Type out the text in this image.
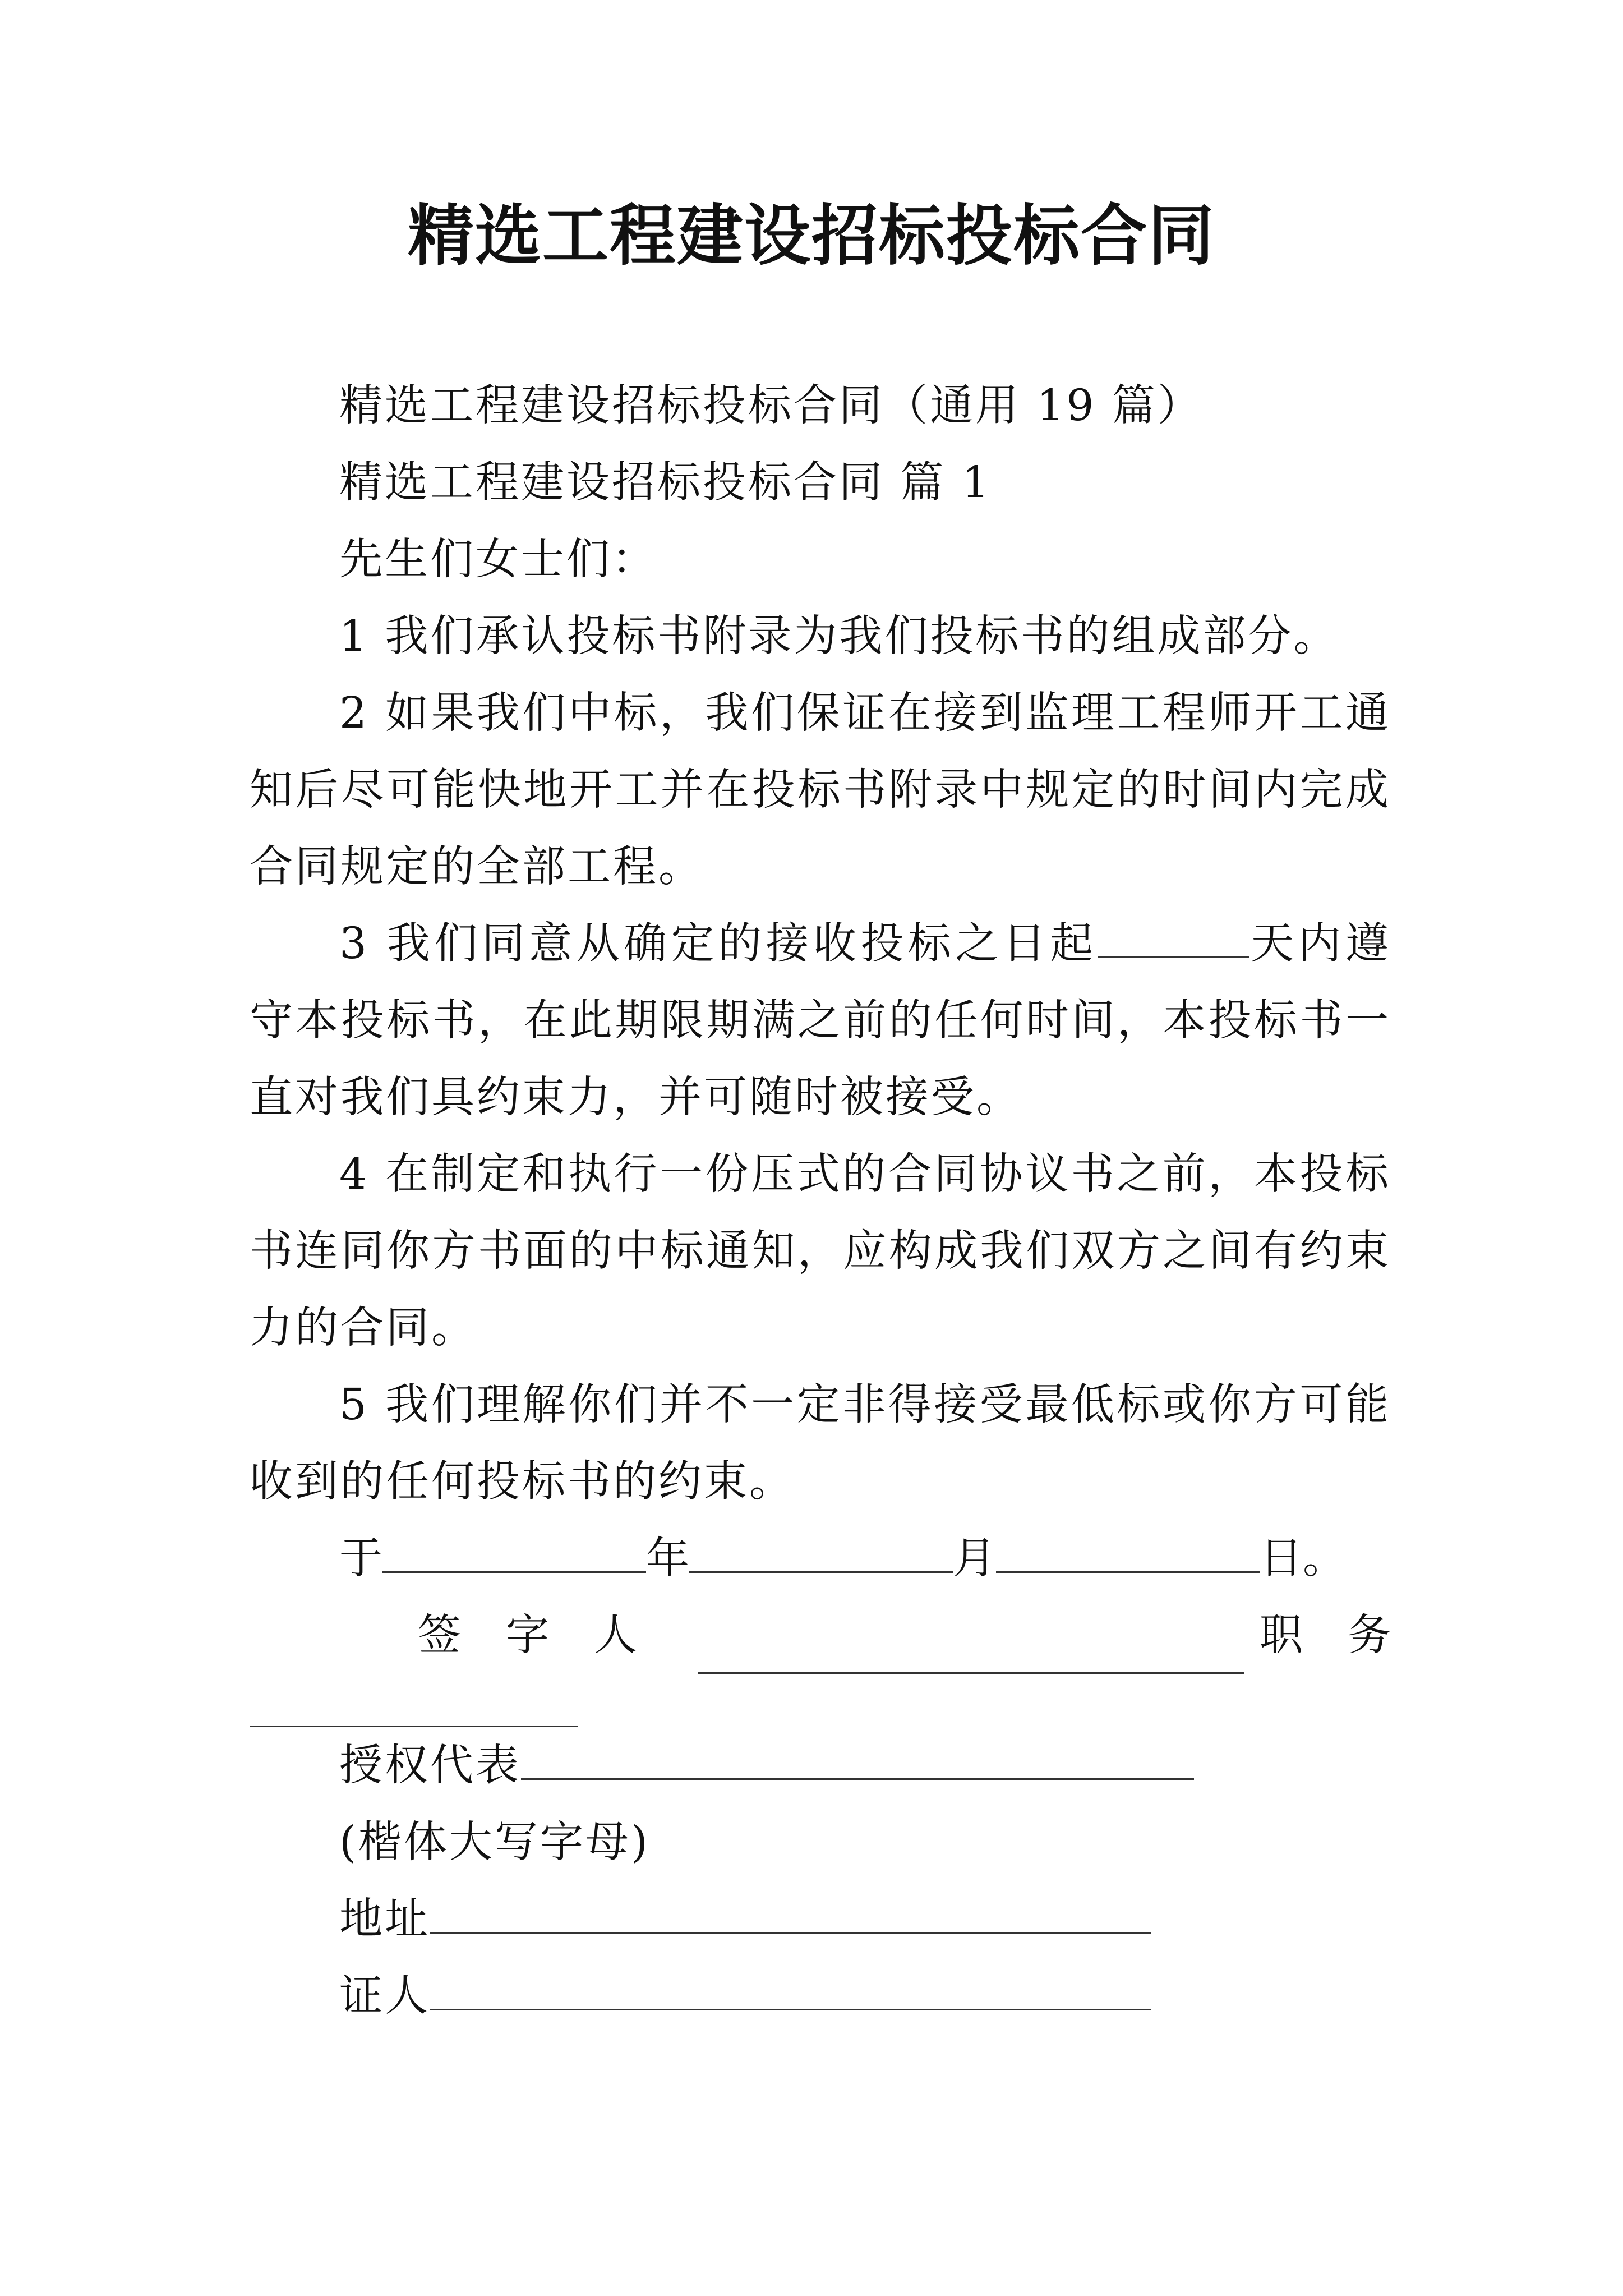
精选工程建设招标投标合同

精选工程建设招标投标合同（通用 19 篇）

精选工程建设招标投标合同 篇 1

先生们女士们：

1 我们承认投标书附录为我们投标书的组成部分。

2 如果我们中标，我们保证在接到监理工程师开工通知后尽可能快地开工并在投标书附录中规定的时间内完成合同规定的全部工程。

3 我们同意从确定的接收投标之日起	天内遵守本投标书，在此期限期满之前的任何时间，本投标书一直对我们具约束力，并可随时被接受。

4 在制定和执行一份压式的合同协议书之前，本投标书连同你方书面的中标通知，应构成我们双方之间有约束力的合同。

5 我们理解你们并不一定非得接受最低标或你方可能收到的任何投标书的约束。

于	年	月	日。

签字人	职务

授权代表

(楷体大写字母)

地址

证人
